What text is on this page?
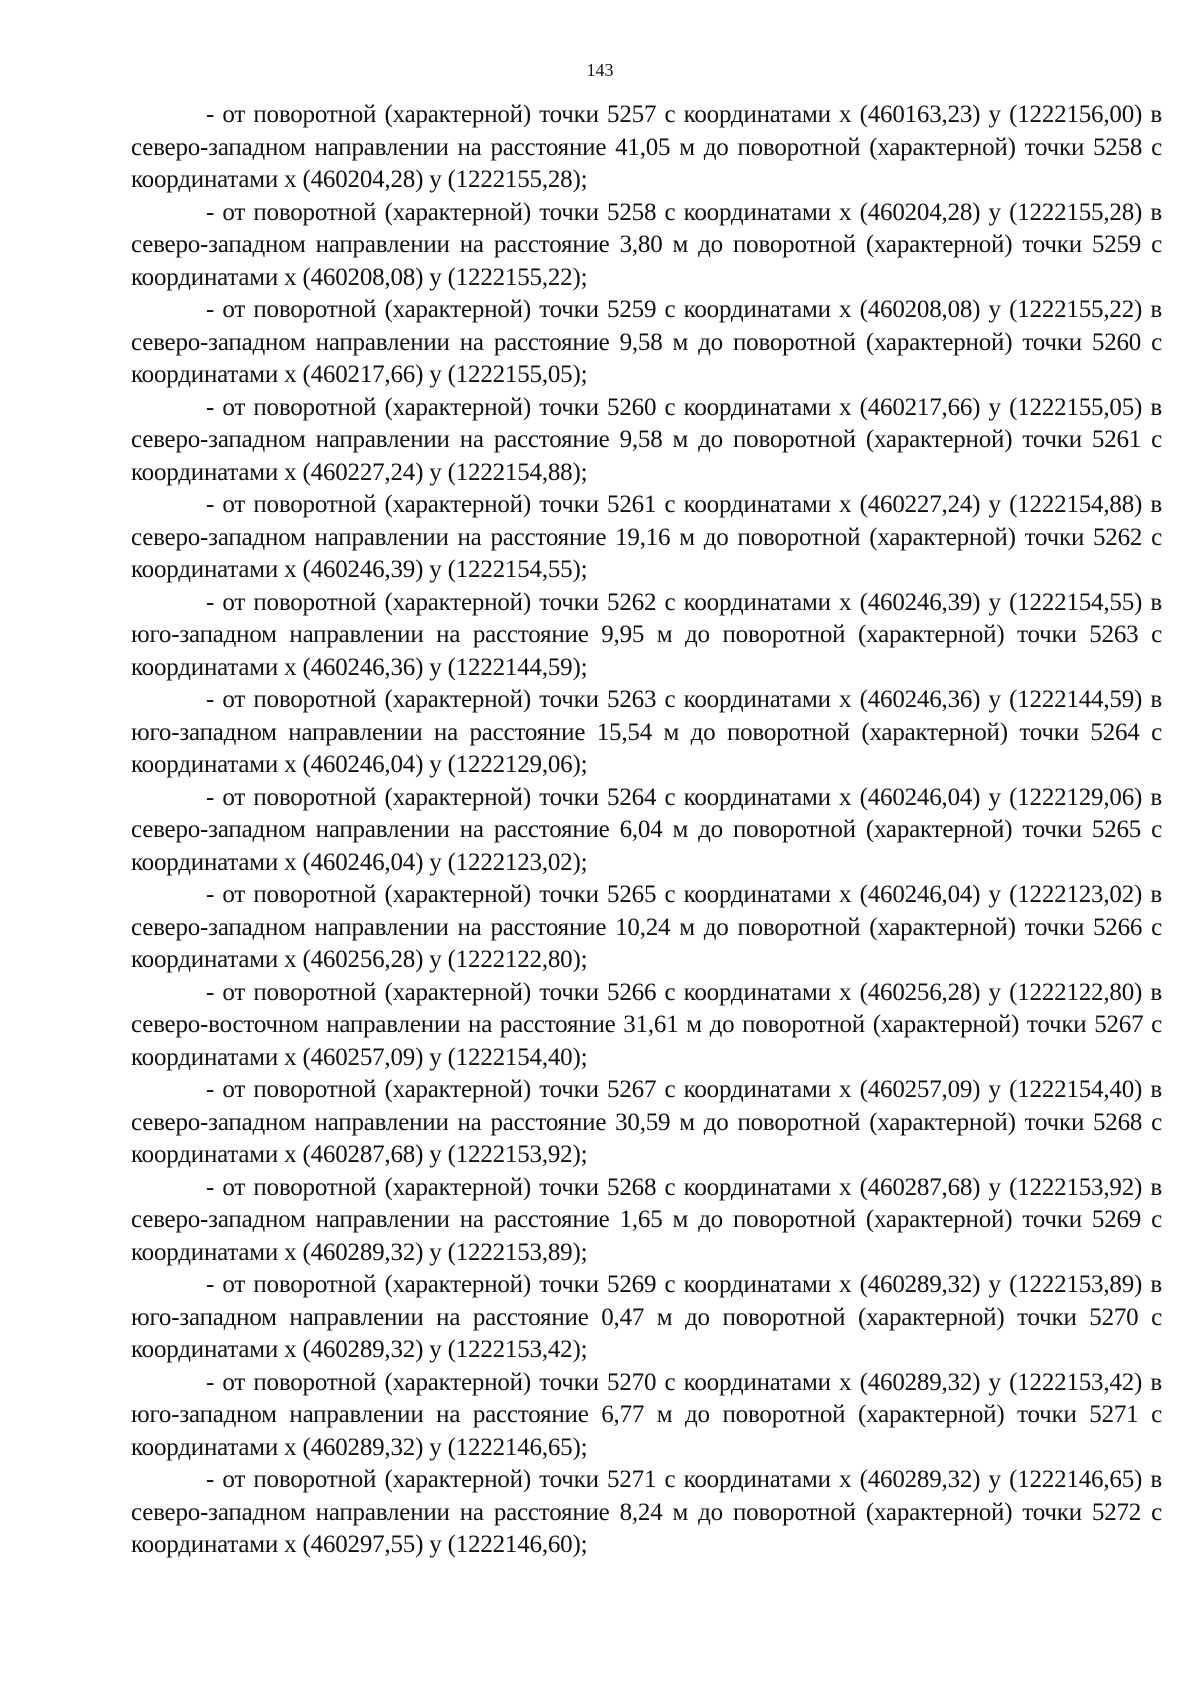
143

- от поворотной (характерной) точки 5257 с координатами х (460163,23) у (1222156,00) в северо-западном направлении на расстояние 41,05 м до поворотной (характерной) точки 5258 с координатами х (460204,28) у (1222155,28);

- от поворотной (характерной) точки 5258 с координатами х (460204,28) у (1222155,28) в северо-западном направлении на расстояние 3,80 м до поворотной (характерной) точки 5259 с координатами х (460208,08) у (1222155,22);

- от поворотной (характерной) точки 5259 с координатами х (460208,08) у (1222155,22) в северо-западном направлении на расстояние 9,58 м до поворотной (характерной) точки 5260 с координатами х (460217,66) у (1222155,05);

- от поворотной (характерной) точки 5260 с координатами х (460217,66) у (1222155,05) в северо-западном направлении на расстояние 9,58 м до поворотной (характерной) точки 5261 с координатами х (460227,24) у (1222154,88);

- от поворотной (характерной) точки 5261 с координатами х (460227,24) у (1222154,88) в северо-западном направлении на расстояние 19,16 м до поворотной (характерной) точки 5262 с координатами х (460246,39) у (1222154,55);

- от поворотной (характерной) точки 5262 с координатами х (460246,39) у (1222154,55) в юго-западном направлении на расстояние 9,95 м до поворотной (характерной) точки 5263 с координатами х (460246,36) у (1222144,59);

- от поворотной (характерной) точки 5263 с координатами х (460246,36) у (1222144,59) в юго-западном направлении на расстояние 15,54 м до поворотной (характерной) точки 5264 с координатами х (460246,04) у (1222129,06);

- от поворотной (характерной) точки 5264 с координатами х (460246,04) у (1222129,06) в северо-западном направлении на расстояние 6,04 м до поворотной (характерной) точки 5265 с координатами х (460246,04) у (1222123,02);

- от поворотной (характерной) точки 5265 с координатами х (460246,04) у (1222123,02) в северо-западном направлении на расстояние 10,24 м до поворотной (характерной) точки 5266 с координатами х (460256,28) у (1222122,80);

- от поворотной (характерной) точки 5266 с координатами х (460256,28) у (1222122,80) в северо-восточном направлении на расстояние 31,61 м до поворотной (характерной) точки 5267 с координатами х (460257,09) у (1222154,40);

- от поворотной (характерной) точки 5267 с координатами х (460257,09) у (1222154,40) в северо-западном направлении на расстояние 30,59 м до поворотной (характерной) точки 5268 с координатами х (460287,68) у (1222153,92);

- от поворотной (характерной) точки 5268 с координатами х (460287,68) у (1222153,92) в северо-западном направлении на расстояние 1,65 м до поворотной (характерной) точки 5269 с координатами х (460289,32) у (1222153,89);

- от поворотной (характерной) точки 5269 с координатами х (460289,32) у (1222153,89) в юго-западном направлении на расстояние 0,47 м до поворотной (характерной) точки 5270 с координатами х (460289,32) у (1222153,42);

- от поворотной (характерной) точки 5270 с координатами х (460289,32) у (1222153,42) в юго-западном направлении на расстояние 6,77 м до поворотной (характерной) точки 5271 с координатами х (460289,32) у (1222146,65);

- от поворотной (характерной) точки 5271 с координатами х (460289,32) у (1222146,65) в северо-западном направлении на расстояние 8,24 м до поворотной (характерной) точки 5272 с координатами х (460297,55) у (1222146,60);
